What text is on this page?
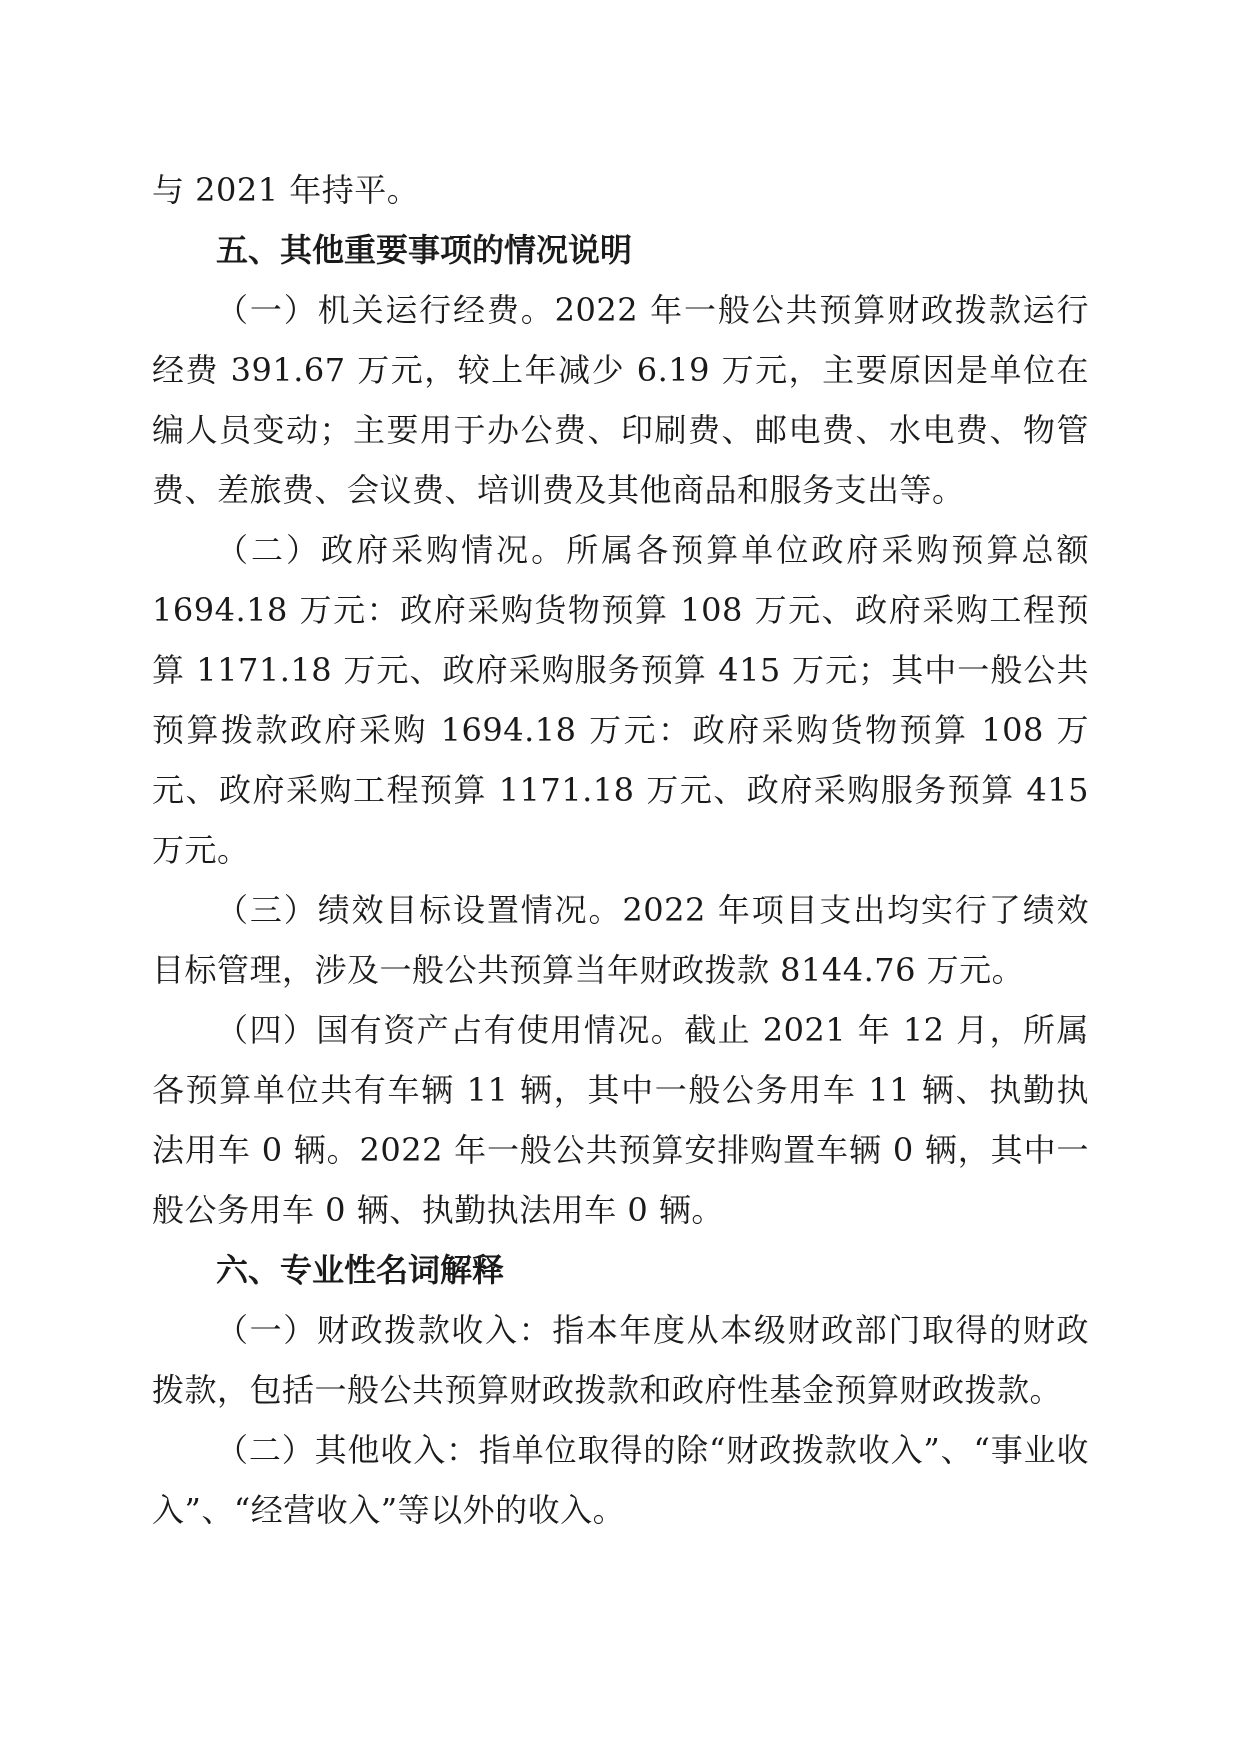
与 2021 年持平。

五、其他重要事项的情况说明

（一）机关运行经费。2022 年一般公共预算财政拨款运行经费 391.67 万元，较上年减少 6.19 万元，主要原因是单位在编人员变动；主要用于办公费、印刷费、邮电费、水电费、物管费、差旅费、会议费、培训费及其他商品和服务支出等。

（二）政府采购情况。所属各预算单位政府采购预算总额 1694.18 万元：政府采购货物预算 108 万元、政府采购工程预算 1171.18 万元、政府采购服务预算 415 万元；其中一般公共预算拨款政府采购 1694.18 万元：政府采购货物预算 108 万元、政府采购工程预算 1171.18 万元、政府采购服务预算 415 万元。

（三）绩效目标设置情况。2022 年项目支出均实行了绩效目标管理，涉及一般公共预算当年财政拨款 8144.76 万元。

（四）国有资产占有使用情况。截止 2021 年 12 月，所属各预算单位共有车辆 11 辆，其中一般公务用车 11 辆、执勤执法用车 0 辆。2022 年一般公共预算安排购置车辆 0 辆，其中一般公务用车 0 辆、执勤执法用车 0 辆。

六、专业性名词解释

（一）财政拨款收入：指本年度从本级财政部门取得的财政拨款，包括一般公共预算财政拨款和政府性基金预算财政拨款。

（二）其他收入：指单位取得的除“财政拨款收入”、“事业收入”、“经营收入”等以外的收入。
